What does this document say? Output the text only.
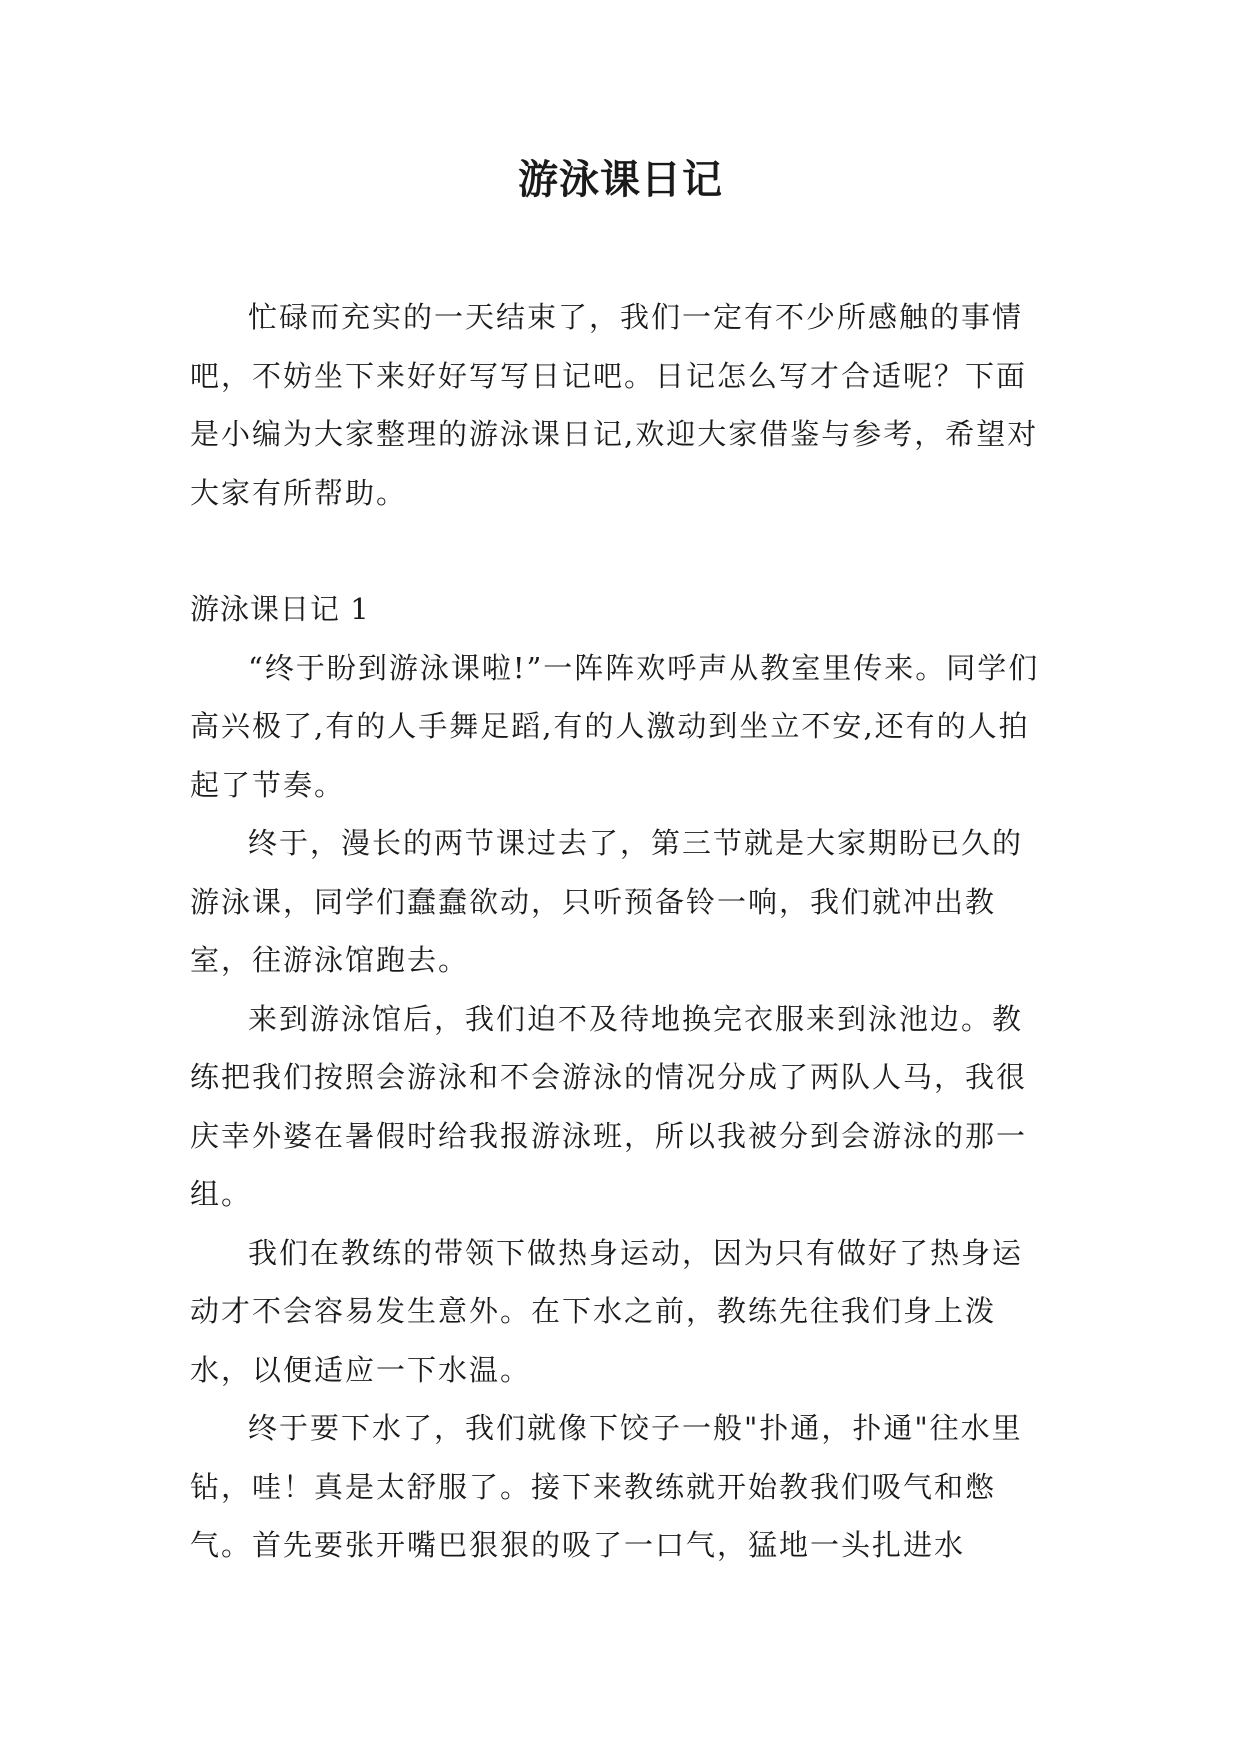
游泳课日记

忙碌而充实的一天结束了，我们一定有不少所感触的事情吧，不妨坐下来好好写写日记吧。日记怎么写才合适呢？下面是小编为大家整理的游泳课日记,欢迎大家借鉴与参考，希望对大家有所帮助。

游泳课日记 1

“终于盼到游泳课啦!”一阵阵欢呼声从教室里传来。同学们高兴极了,有的人手舞足蹈,有的人激动到坐立不安,还有的人拍起了节奏。

终于，漫长的两节课过去了，第三节就是大家期盼已久的游泳课，同学们蠢蠢欲动，只听预备铃一响，我们就冲出教室，往游泳馆跑去。

来到游泳馆后，我们迫不及待地换完衣服来到泳池边。教练把我们按照会游泳和不会游泳的情况分成了两队人马，我很庆幸外婆在暑假时给我报游泳班，所以我被分到会游泳的那一组。

我们在教练的带领下做热身运动，因为只有做好了热身运动才不会容易发生意外。在下水之前，教练先往我们身上泼水，以便适应一下水温。

终于要下水了，我们就像下饺子一般"扑通，扑通"往水里钻，哇！真是太舒服了。接下来教练就开始教我们吸气和憋气。首先要张开嘴巴狠狠的吸了一口气，猛地一头扎进水
